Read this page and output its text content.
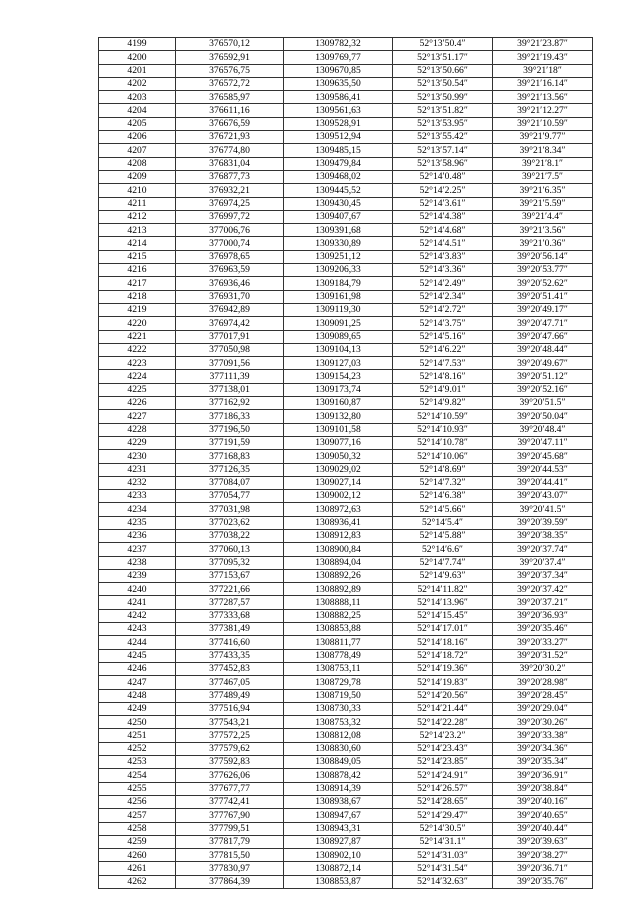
4199	376570,12	1309782,32	52°13′50.4″	39°21′23.87″
4200	376592,91	1309769,77	52°13′51.17″	39°21′19.43″
4201	376576,75	1309670,85	52°13′50.66″	39°21′18″
4202	376572,72	1309635,50	52°13′50.54″	39°21′16.14″
4203	376585,97	1309586,41	52°13′50.99″	39°21′13.56″
4204	376611,16	1309561,63	52°13′51.82″	39°21′12.27″
4205	376676,59	1309528,91	52°13′53.95″	39°21′10.59″
4206	376721,93	1309512,94	52°13′55.42″	39°21′9.77″
4207	376774,80	1309485,15	52°13′57.14″	39°21′8.34″
4208	376831,04	1309479,84	52°13′58.96″	39°21′8.1″
4209	376877,73	1309468,02	52°14′0.48″	39°21′7.5″
4210	376932,21	1309445,52	52°14′2.25″	39°21′6.35″
4211	376974,25	1309430,45	52°14′3.61″	39°21′5.59″
4212	376997,72	1309407,67	52°14′4.38″	39°21′4.4″
4213	377006,76	1309391,68	52°14′4.68″	39°21′3.56″
4214	377000,74	1309330,89	52°14′4.51″	39°21′0.36″
4215	376978,65	1309251,12	52°14′3.83″	39°20′56.14″
4216	376963,59	1309206,33	52°14′3.36″	39°20′53.77″
4217	376936,46	1309184,79	52°14′2.49″	39°20′52.62″
4218	376931,70	1309161,98	52°14′2.34″	39°20′51.41″
4219	376942,89	1309119,30	52°14′2.72″	39°20′49.17″
4220	376974,42	1309091,25	52°14′3.75″	39°20′47.71″
4221	377017,91	1309089,65	52°14′5.16″	39°20′47.66″
4222	377050,98	1309104,13	52°14′6.22″	39°20′48.44″
4223	377091,56	1309127,03	52°14′7.53″	39°20′49.67″
4224	377111,39	1309154,23	52°14′8.16″	39°20′51.12″
4225	377138,01	1309173,74	52°14′9.01″	39°20′52.16″
4226	377162,92	1309160,87	52°14′9.82″	39°20′51.5″
4227	377186,33	1309132,80	52°14′10.59″	39°20′50.04″
4228	377196,50	1309101,58	52°14′10.93″	39°20′48.4″
4229	377191,59	1309077,16	52°14′10.78″	39°20′47.11″
4230	377168,83	1309050,32	52°14′10.06″	39°20′45.68″
4231	377126,35	1309029,02	52°14′8.69″	39°20′44.53″
4232	377084,07	1309027,14	52°14′7.32″	39°20′44.41″
4233	377054,77	1309002,12	52°14′6.38″	39°20′43.07″
4234	377031,98	1308972,63	52°14′5.66″	39°20′41.5″
4235	377023,62	1308936,41	52°14′5.4″	39°20′39.59″
4236	377038,22	1308912,83	52°14′5.88″	39°20′38.35″
4237	377060,13	1308900,84	52°14′6.6″	39°20′37.74″
4238	377095,32	1308894,04	52°14′7.74″	39°20′37.4″
4239	377153,67	1308892,26	52°14′9.63″	39°20′37.34″
4240	377221,66	1308892,89	52°14′11.82″	39°20′37.42″
4241	377287,57	1308888,11	52°14′13.96″	39°20′37.21″
4242	377333,68	1308882,25	52°14′15.45″	39°20′36.93″
4243	377381,49	1308853,88	52°14′17.01″	39°20′35.46″
4244	377416,60	1308811,77	52°14′18.16″	39°20′33.27″
4245	377433,35	1308778,49	52°14′18.72″	39°20′31.52″
4246	377452,83	1308753,11	52°14′19.36″	39°20′30.2″
4247	377467,05	1308729,78	52°14′19.83″	39°20′28.98″
4248	377489,49	1308719,50	52°14′20.56″	39°20′28.45″
4249	377516,94	1308730,33	52°14′21.44″	39°20′29.04″
4250	377543,21	1308753,32	52°14′22.28″	39°20′30.26″
4251	377572,25	1308812,08	52°14′23.2″	39°20′33.38″
4252	377579,62	1308830,60	52°14′23.43″	39°20′34.36″
4253	377592,83	1308849,05	52°14′23.85″	39°20′35.34″
4254	377626,06	1308878,42	52°14′24.91″	39°20′36.91″
4255	377677,77	1308914,39	52°14′26.57″	39°20′38.84″
4256	377742,41	1308938,67	52°14′28.65″	39°20′40.16″
4257	377767,90	1308947,67	52°14′29.47″	39°20′40.65″
4258	377799,51	1308943,31	52°14′30.5″	39°20′40.44″
4259	377817,79	1308927,87	52°14′31.1″	39°20′39.63″
4260	377815,50	1308902,10	52°14′31.03″	39°20′38.27″
4261	377830,97	1308872,14	52°14′31.54″	39°20′36.71″
4262	377864,39	1308853,87	52°14′32.63″	39°20′35.76″
